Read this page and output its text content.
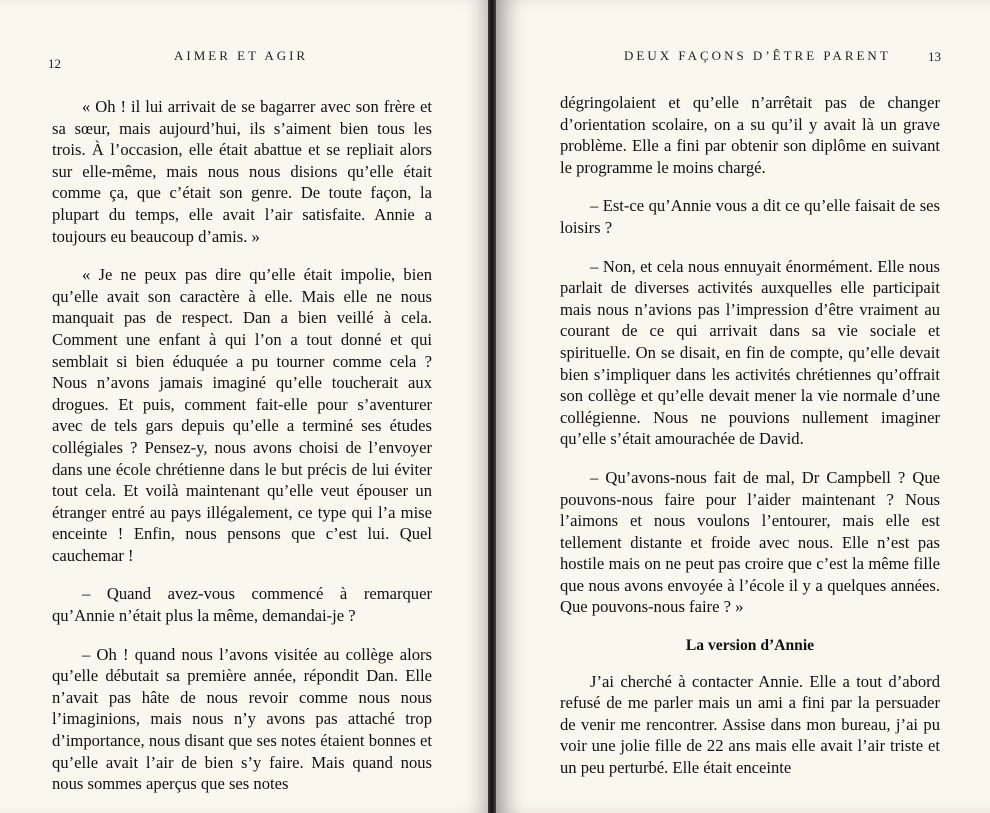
12
AIMER ET AGIR

« Oh ! il lui arrivait de se bagarrer avec son frère et sa sœur, mais aujourd’hui, ils s’aiment bien tous les trois. À l’occasion, elle était abattue et se repliait alors sur elle-même, mais nous nous disions qu’elle était comme ça, que c’était son genre. De toute façon, la plupart du temps, elle avait l’air satisfaite. Annie a toujours eu beaucoup d’amis. »

« Je ne peux pas dire qu’elle était impolie, bien qu’elle avait son caractère à elle. Mais elle ne nous manquait pas de respect. Dan a bien veillé à cela. Comment une enfant à qui l’on a tout donné et qui semblait si bien éduquée a pu tourner comme cela ? Nous n’avons jamais imaginé qu’elle toucherait aux drogues. Et puis, comment fait-elle pour s’aventurer avec de tels gars depuis qu’elle a terminé ses études collégiales ? Pensez-y, nous avons choisi de l’envoyer dans une école chrétienne dans le but précis de lui éviter tout cela. Et voilà maintenant qu’elle veut épouser un étranger entré au pays illégalement, ce type qui l’a mise enceinte ! Enfin, nous pensons que c’est lui. Quel cauchemar !

– Quand avez-vous commencé à remarquer qu’Annie n’était plus la même, demandai-je ?

– Oh ! quand nous l’avons visitée au collège alors qu’elle débutait sa première année, répondit Dan. Elle n’avait pas hâte de nous revoir comme nous nous l’imaginions, mais nous n’y avons pas attaché trop d’importance, nous disant que ses notes étaient bonnes et qu’elle avait l’air de bien s’y faire. Mais quand nous nous sommes aperçus que ses notes

DEUX FAÇONS D’ÊTRE PARENT	13

dégringolaient et qu’elle n’arrêtait pas de changer d’orientation scolaire, on a su qu’il y avait là un grave problème. Elle a fini par obtenir son diplôme en suivant le programme le moins chargé.

– Est-ce qu’Annie vous a dit ce qu’elle faisait de ses loisirs ?

– Non, et cela nous ennuyait énormément. Elle nous parlait de diverses activités auxquelles elle participait mais nous n’avions pas l’impression d’être vraiment au courant de ce qui arrivait dans sa vie sociale et spirituelle. On se disait, en fin de compte, qu’elle devait bien s’impliquer dans les activités chrétiennes qu’offrait son collège et qu’elle devait mener la vie normale d’une collégienne. Nous ne pouvions nullement imaginer qu’elle s’était amourachée de David.

– Qu’avons-nous fait de mal, Dr Campbell ? Que pouvons-nous faire pour l’aider maintenant ? Nous l’aimons et nous voulons l’entourer, mais elle est tellement distante et froide avec nous. Elle n’est pas hostile mais on ne peut pas croire que c’est la même fille que nous avons envoyée à l’école il y a quelques années. Que pouvons-nous faire ? »

La version d’Annie

J’ai cherché à contacter Annie. Elle a tout d’abord refusé de me parler mais un ami a fini par la persuader de venir me rencontrer. Assise dans mon bureau, j’ai pu voir une jolie fille de 22 ans mais elle avait l’air triste et un peu perturbé. Elle était enceinte
